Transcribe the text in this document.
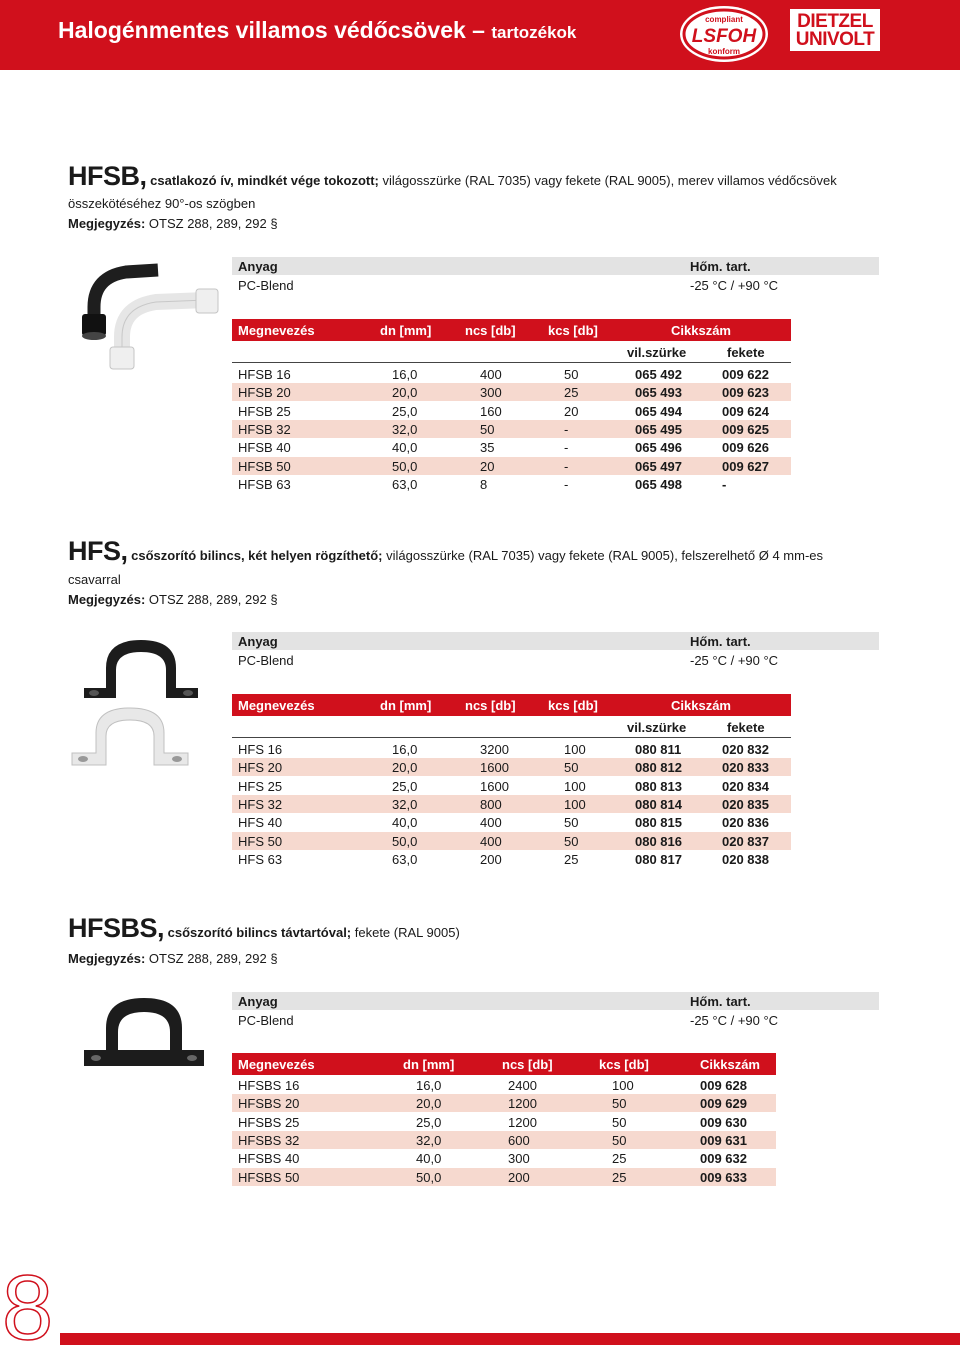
Halogénmentes villamos védőcsövek – tartozékok
compliant
LSFOH
konform
DIETZEL
UNIVOLT
HFSB, csatlakozó ív, mindkét vége tokozott; világosszürke (RAL 7035) vagy fekete (RAL 9005), merev villamos védőcsövek
összekötéséhez 90°-os szögben
Megjegyzés: OTSZ 288, 289, 292 §
Anyag	Hőm. tart.
PC-Blend	-25 °C / +90 °C
Megnevezés	dn [mm]	ncs [db] kcs [db]	Cikkszám
vil.szürke	fekete
HFSB 16	16,0	400	50	065 492	009 622
HFSB 20	20,0	300	25	065 493	009 623
HFSB 25	25,0	160	20	065 494	009 624
HFSB 32	32,0	50	-	065 495	009 625
HFSB 40	40,0	35	-	065 496	009 626
HFSB 50	50,0	20	-	065 497	009 627
HFSB 63	63,0	8	-	065 498	-
HFS, csőszorító bilincs, két helyen rögzíthető; világosszürke (RAL 7035) vagy fekete (RAL 9005), felszerelhető Ø 4 mm-es
csavarral
Megjegyzés: OTSZ 288, 289, 292 §
Anyag	Hőm. tart.
PC-Blend	-25 °C / +90 °C
Megnevezés	dn [mm]	ncs [db] kcs [db]	Cikkszám
vil.szürke	fekete
HFS 16	16,0	3200	100	080 811	020 832
HFS 20	20,0	1600	50	080 812	020 833
HFS 25	25,0	1600	100	080 813	020 834
HFS 32	32,0	800	100	080 814	020 835
HFS 40	40,0	400	50	080 815	020 836
HFS 50	50,0	400	50	080 816	020 837
HFS 63	63,0	200	25	080 817	020 838
HFSBS, csőszorító bilincs távtartóval; fekete (RAL 9005)
Megjegyzés: OTSZ 288, 289, 292 §
Anyag	Hőm. tart.
PC-Blend	-25 °C / +90 °C
Megnevezés	dn [mm]	ncs [db]	kcs [db]	Cikkszám
HFSBS 16	16,0	2400	100	009 628
HFSBS 20	20,0	1200	50	009 629
HFSBS 25	25,0	1200	50	009 630
HFSBS 32	32,0	600	50	009 631
HFSBS 40	40,0	300	25	009 632
HFSBS 50	50,0	200	25	009 633
8
